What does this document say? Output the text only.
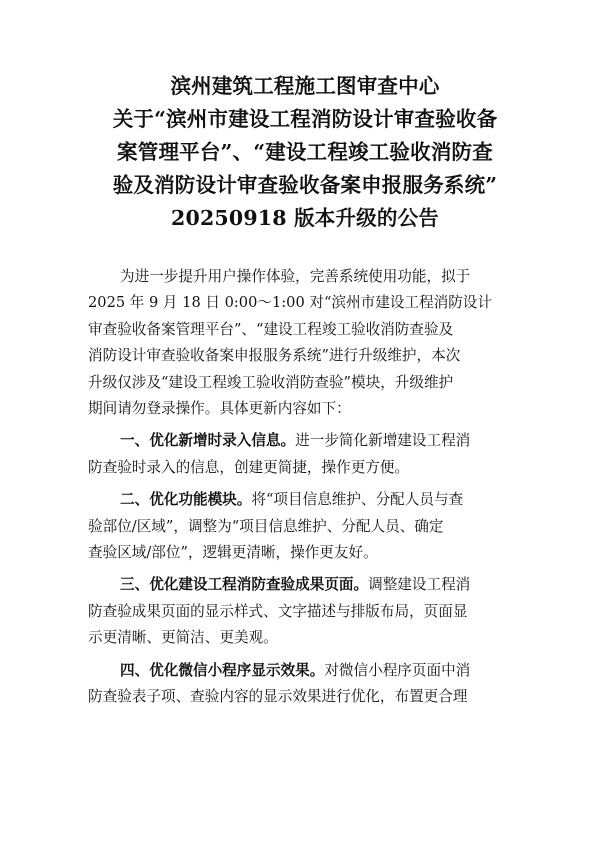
滨州建筑工程施工图审查中心
关于“滨州市建设工程消防设计审查验收备
案管理平台”、“建设工程竣工验收消防查
验及消防设计审查验收备案申报服务系统”
20250918 版本升级的公告
为进一步提升用户操作体验，完善系统使用功能，拟于
2025 年 9 月 18 日 0:00～1:00 对“滨州市建设工程消防设计
审查验收备案管理平台”、“建设工程竣工验收消防查验及
消防设计审查验收备案申报服务系统”进行升级维护，本次
升级仅涉及“建设工程竣工验收消防查验”模块，升级维护
期间请勿登录操作。具体更新内容如下：
一、优化新增时录入信息。进一步简化新增建设工程消
防查验时录入的信息，创建更简捷，操作更方便。
二、优化功能模块。将“项目信息维护、分配人员与查
验部位/区域”，调整为“项目信息维护、分配人员、确定
查验区域/部位”，逻辑更清晰，操作更友好。
三、优化建设工程消防查验成果页面。调整建设工程消
防查验成果页面的显示样式、文字描述与排版布局，页面显
示更清晰、更简洁、更美观。
四、优化微信小程序显示效果。对微信小程序页面中消
防查验表子项、查验内容的显示效果进行优化，布置更合理
